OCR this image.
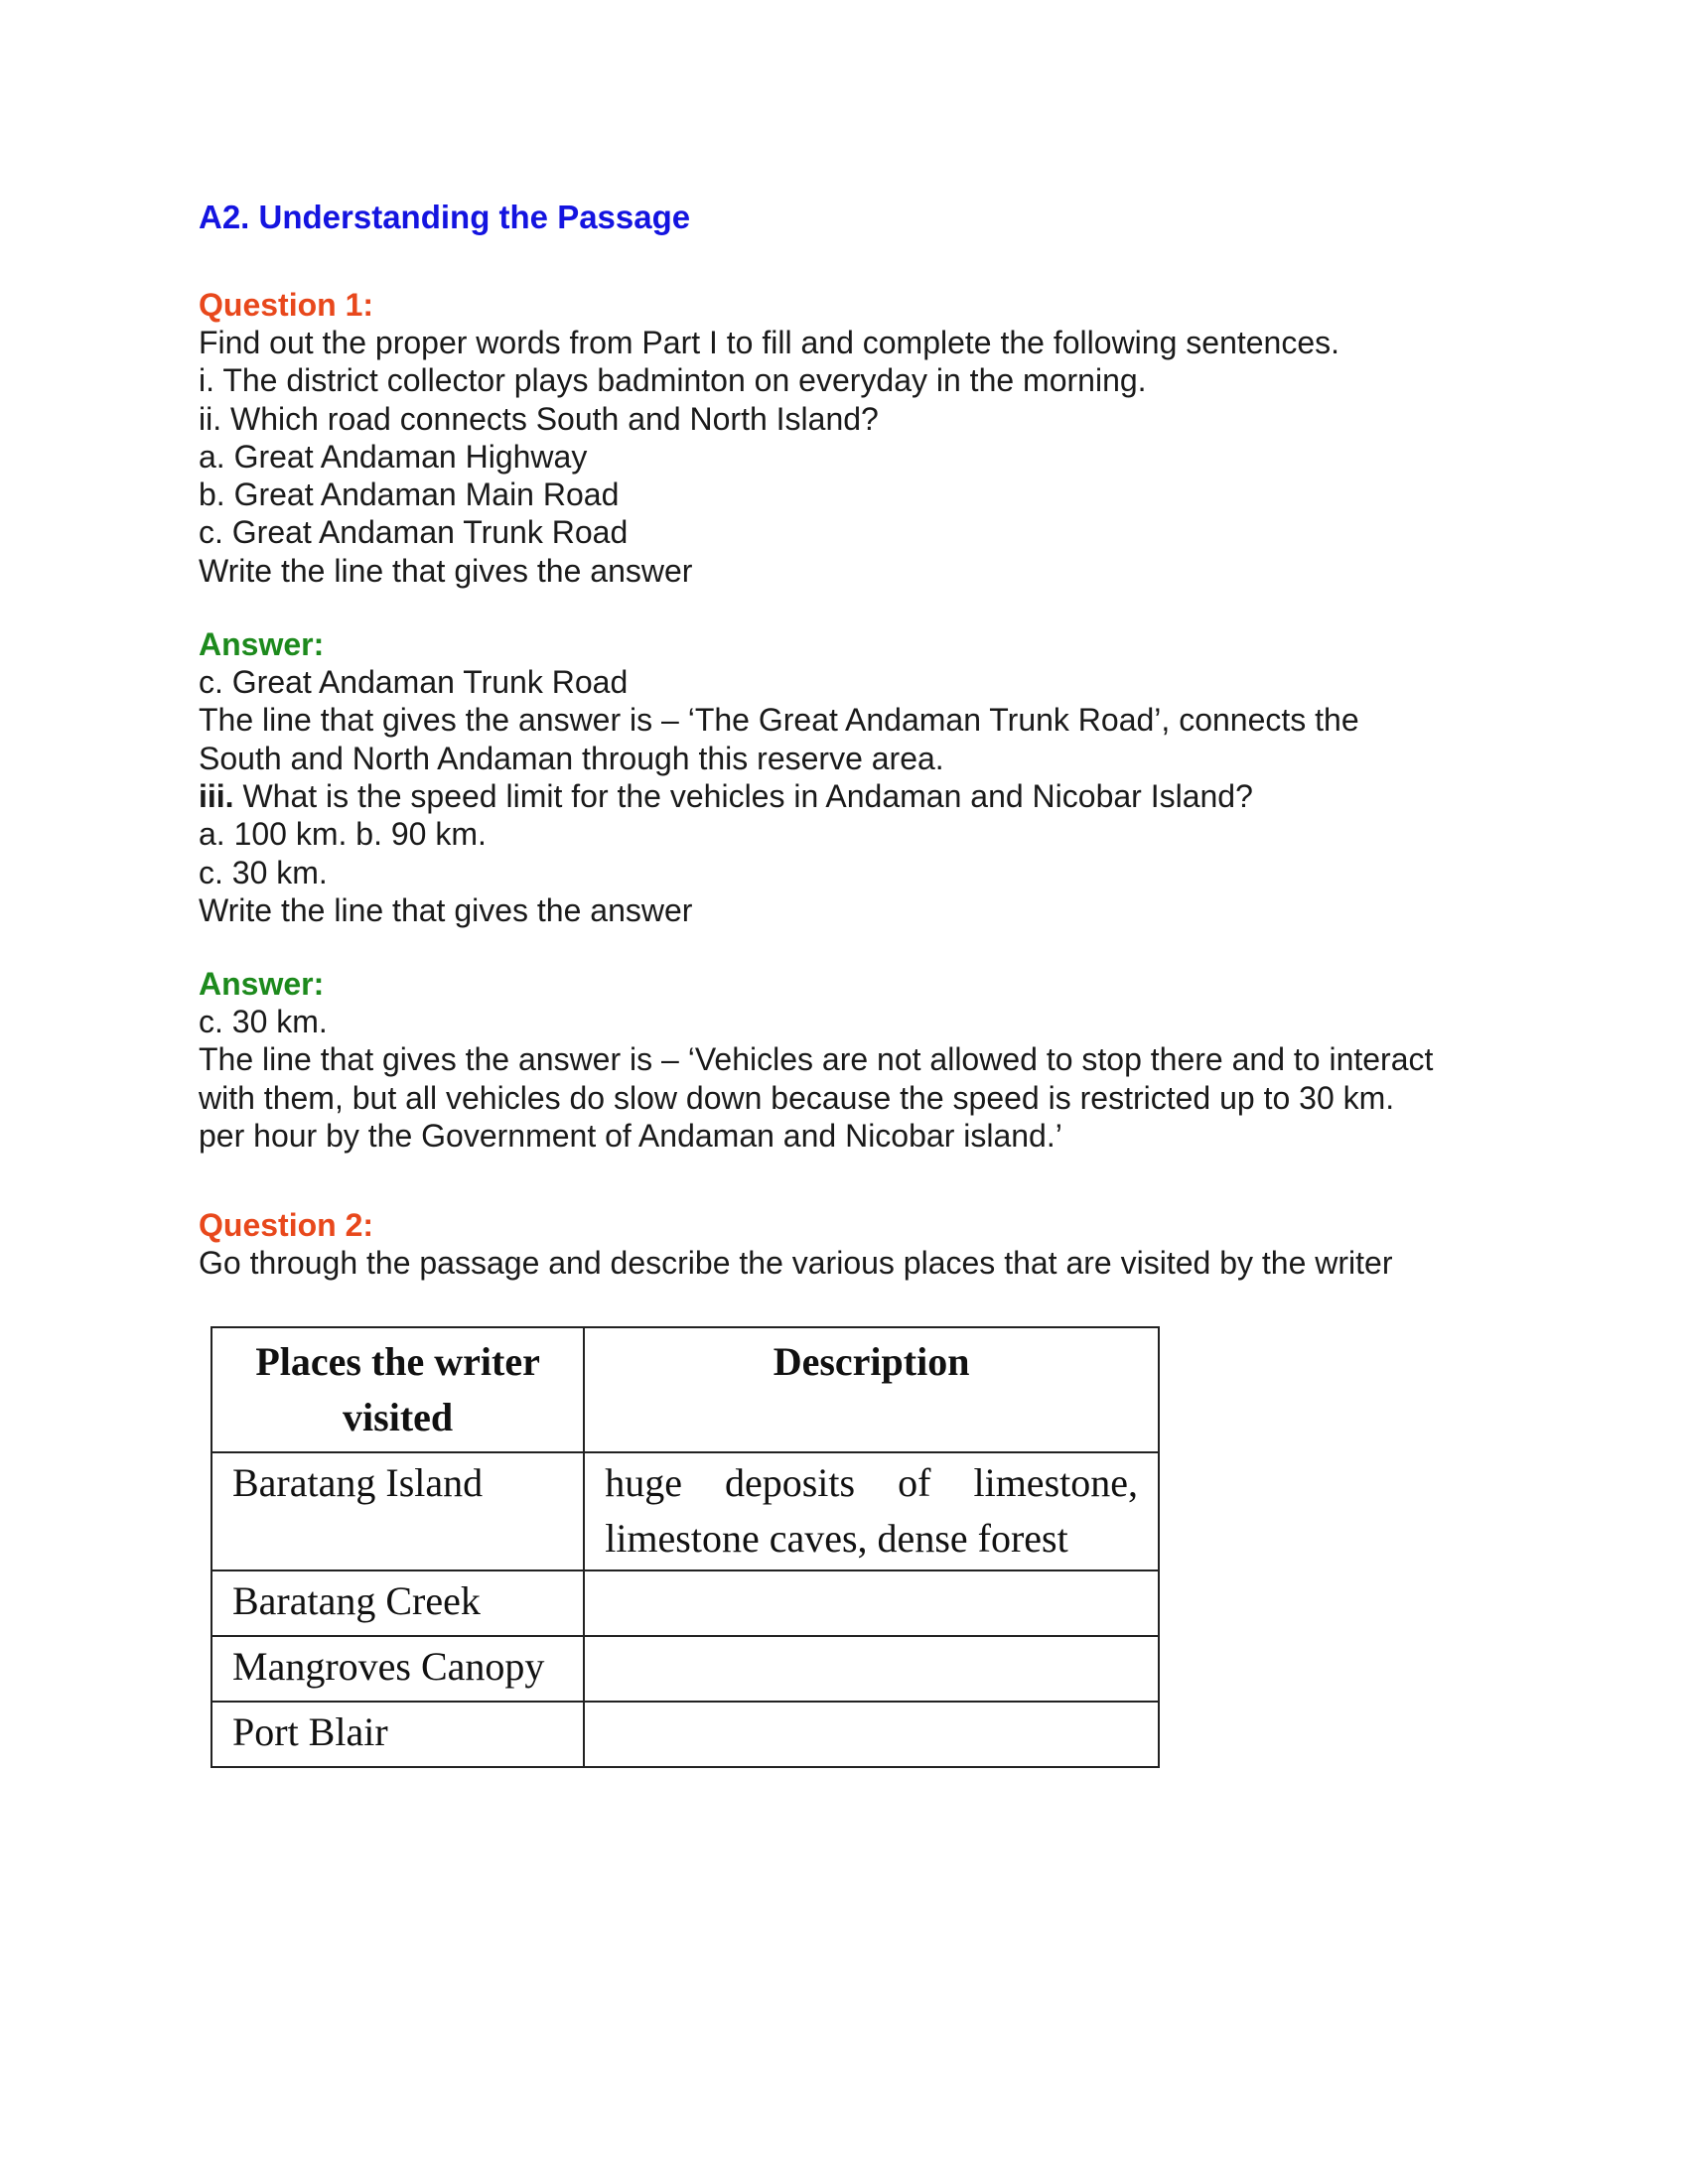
A2. Understanding the Passage

Question 1:

Find out the proper words from Part I to fill and complete the following sentences.

i. The district collector plays badminton on everyday in the morning.

ii. Which road connects South and North Island?

a. Great Andaman Highway

b. Great Andaman Main Road

c. Great Andaman Trunk Road

Write the line that gives the answer

Answer:

c. Great Andaman Trunk Road

The line that gives the answer is – ‘The Great Andaman Trunk Road’, connects the

South and North Andaman through this reserve area.

iii. What is the speed limit for the vehicles in Andaman and Nicobar Island?

a. 100 km. b. 90 km.

c. 30 km.

Write the line that gives the answer

Answer:

c. 30 km.

The line that gives the answer is – ‘Vehicles are not allowed to stop there and to interact

with them, but all vehicles do slow down because the speed is restricted up to 30 km.

per hour by the Government of Andaman and Nicobar island.’

Question 2:

Go through the passage and describe the various places that are visited by the writer

Places the writer visited	Description
Baratang Island	huge deposits of limestone, limestone caves, dense forest
Baratang Creek	
Mangroves Canopy	
Port Blair	
